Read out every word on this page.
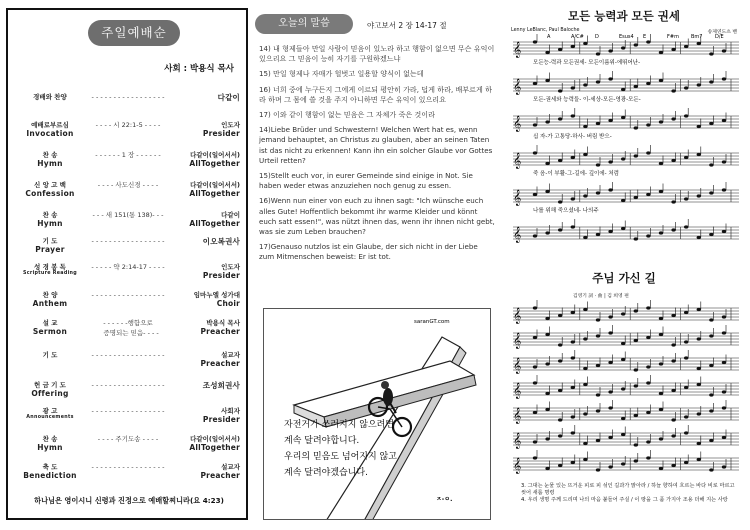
주일예배순
사회 : 박용식 목사
경배와 찬양	- - - - - - - - - - - - - - - - -	다같이
예배로부르심
Invocation
- - - - 시 22:1-5 - - - -	인도자
Presider
찬 송
Hymn
- - - - - - 1 장 - - - - - -	다같이(일어서서)
AllTogether
신 앙 고 백
Confession
- - - - 사도신경 - - - -	다같이(일어서서)
AllTogether
찬 송
Hymn
- - - 새 151(통 138)- - -	다같이
AllTogether
기 도
Prayer
- - - - - - - - - - - - - - - - -	이오복권사
성 경 봉 독
Scripture Reading
- - - - - 약 2:14-17 - - - -	인도자
Presider
찬 양
Anthem
- - - - - - - - - - - - - - - - -	임마누엘 성가대
Choir
설 교
Sermon
- - - - - -행함으로
증명되는 믿음- - - -
박용식 목사
Preacher
기 도	- - - - - - - - - - - - - - - - -	설교자
Preacher
헌 금 기 도
Offering
- - - - - - - - - - - - - - - - -	조성희권사
광 고
Announcements
- - - - - - - - - - - - - - - - -	사회자
Presider
찬 송
Hymn
- - - - 주기도송 - - - -	다같이(일어서서)
AllTogether
축 도
Benediction
- - - - - - - - - - - - - - - - -	설교자
Preacher
하나님은 영이시니 신령과 진정으로 예배할찌니라(요 4:23)
오늘의 말씀	야고보서 2 장 14-17 절

14) 내 형제들아 만일 사람이 믿음이 있노라 하고 행함이 없으면 무슨 유익이 있으리요 그 믿음이 능히 자기를 구원하겠느냐

15) 만일 형제나 자매가 헐벗고 일용할 양식이 없는데

16) 너희 중에 누구든지 그에게 이르되 평안히 가라, 덥게 하라, 배부르게 하라 하며 그 몸에 쓸 것을 주지 아니하면 무슨 유익이 있으리요

17) 이와 같이 행함이 없는 믿음은 그 자체가 죽은 것이라

14)Liebe Brüder und Schwestern! Welchen Wert hat es, wenn jemand behauptet, an Christus zu glauben, aber an seinen Taten ist das nicht zu erkennen! Kann ihn ein solcher Glaube vor Gottes Urteil retten?

15)Stellt euch vor, in eurer Gemeinde sind einige in Not. Sie haben weder etwas anzuziehen noch genug zu essen.

16)Wenn nun einer von euch zu ihnen sagt: "Ich wünsche euch alles Gute! Hoffentlich bekommt ihr warme Kleider und könnt euch satt essen!", was nützt ihnen das, wenn ihr ihnen nicht gebt, was sie zum Leben brauchen?

17)Genauso nutzlos ist ein Glaube, der sich nicht in der Liebe zum Mitmenschen beweist: Er ist tot.

saranGT.com
자전거가 쓰러지지 않으려면
계속 달려야합니다.
우리의 믿음도 넘어지지 않고
계속 달려야겠습니다.
ㅈ-ㅇ.
모든 능력과 모든 권세
Lenny LeBlanc, Paul Baloche	송제연도츠 밴
𝄞
모든능-력과 모든권세- 모든이름위-에뛰어난-
𝄞
모든-권세와 능력들- 이-세상-모든-영광-모든-
𝄞
십 자-가 고통당-하사- 버림 받으-
𝄞
죽 음-이 부활-그-길에- 깊이에- 처럼
𝄞
나를 위해 죽으셨네- 나의주
𝄞
A	A/C# D	Esus4 E	F#m Bm7	D/E
주님 가신 길
김영기 詞 · 曲 | 김 희영 편
𝄞
𝄞
𝄞
𝄞
𝄞
𝄞
𝄞
3. 그대는 눈물 있는 뜨거운 피로 피 섞인 길과가 맑아라 / 하늘 향하여 흐르는 바다 비로 마르고 씻어 새롭 명령
4. 우리 생명 주께 드리며 나의 마음 붙들어 주실 / 이 땅을 그 품 가지아 조용 더해 지는 사랑
